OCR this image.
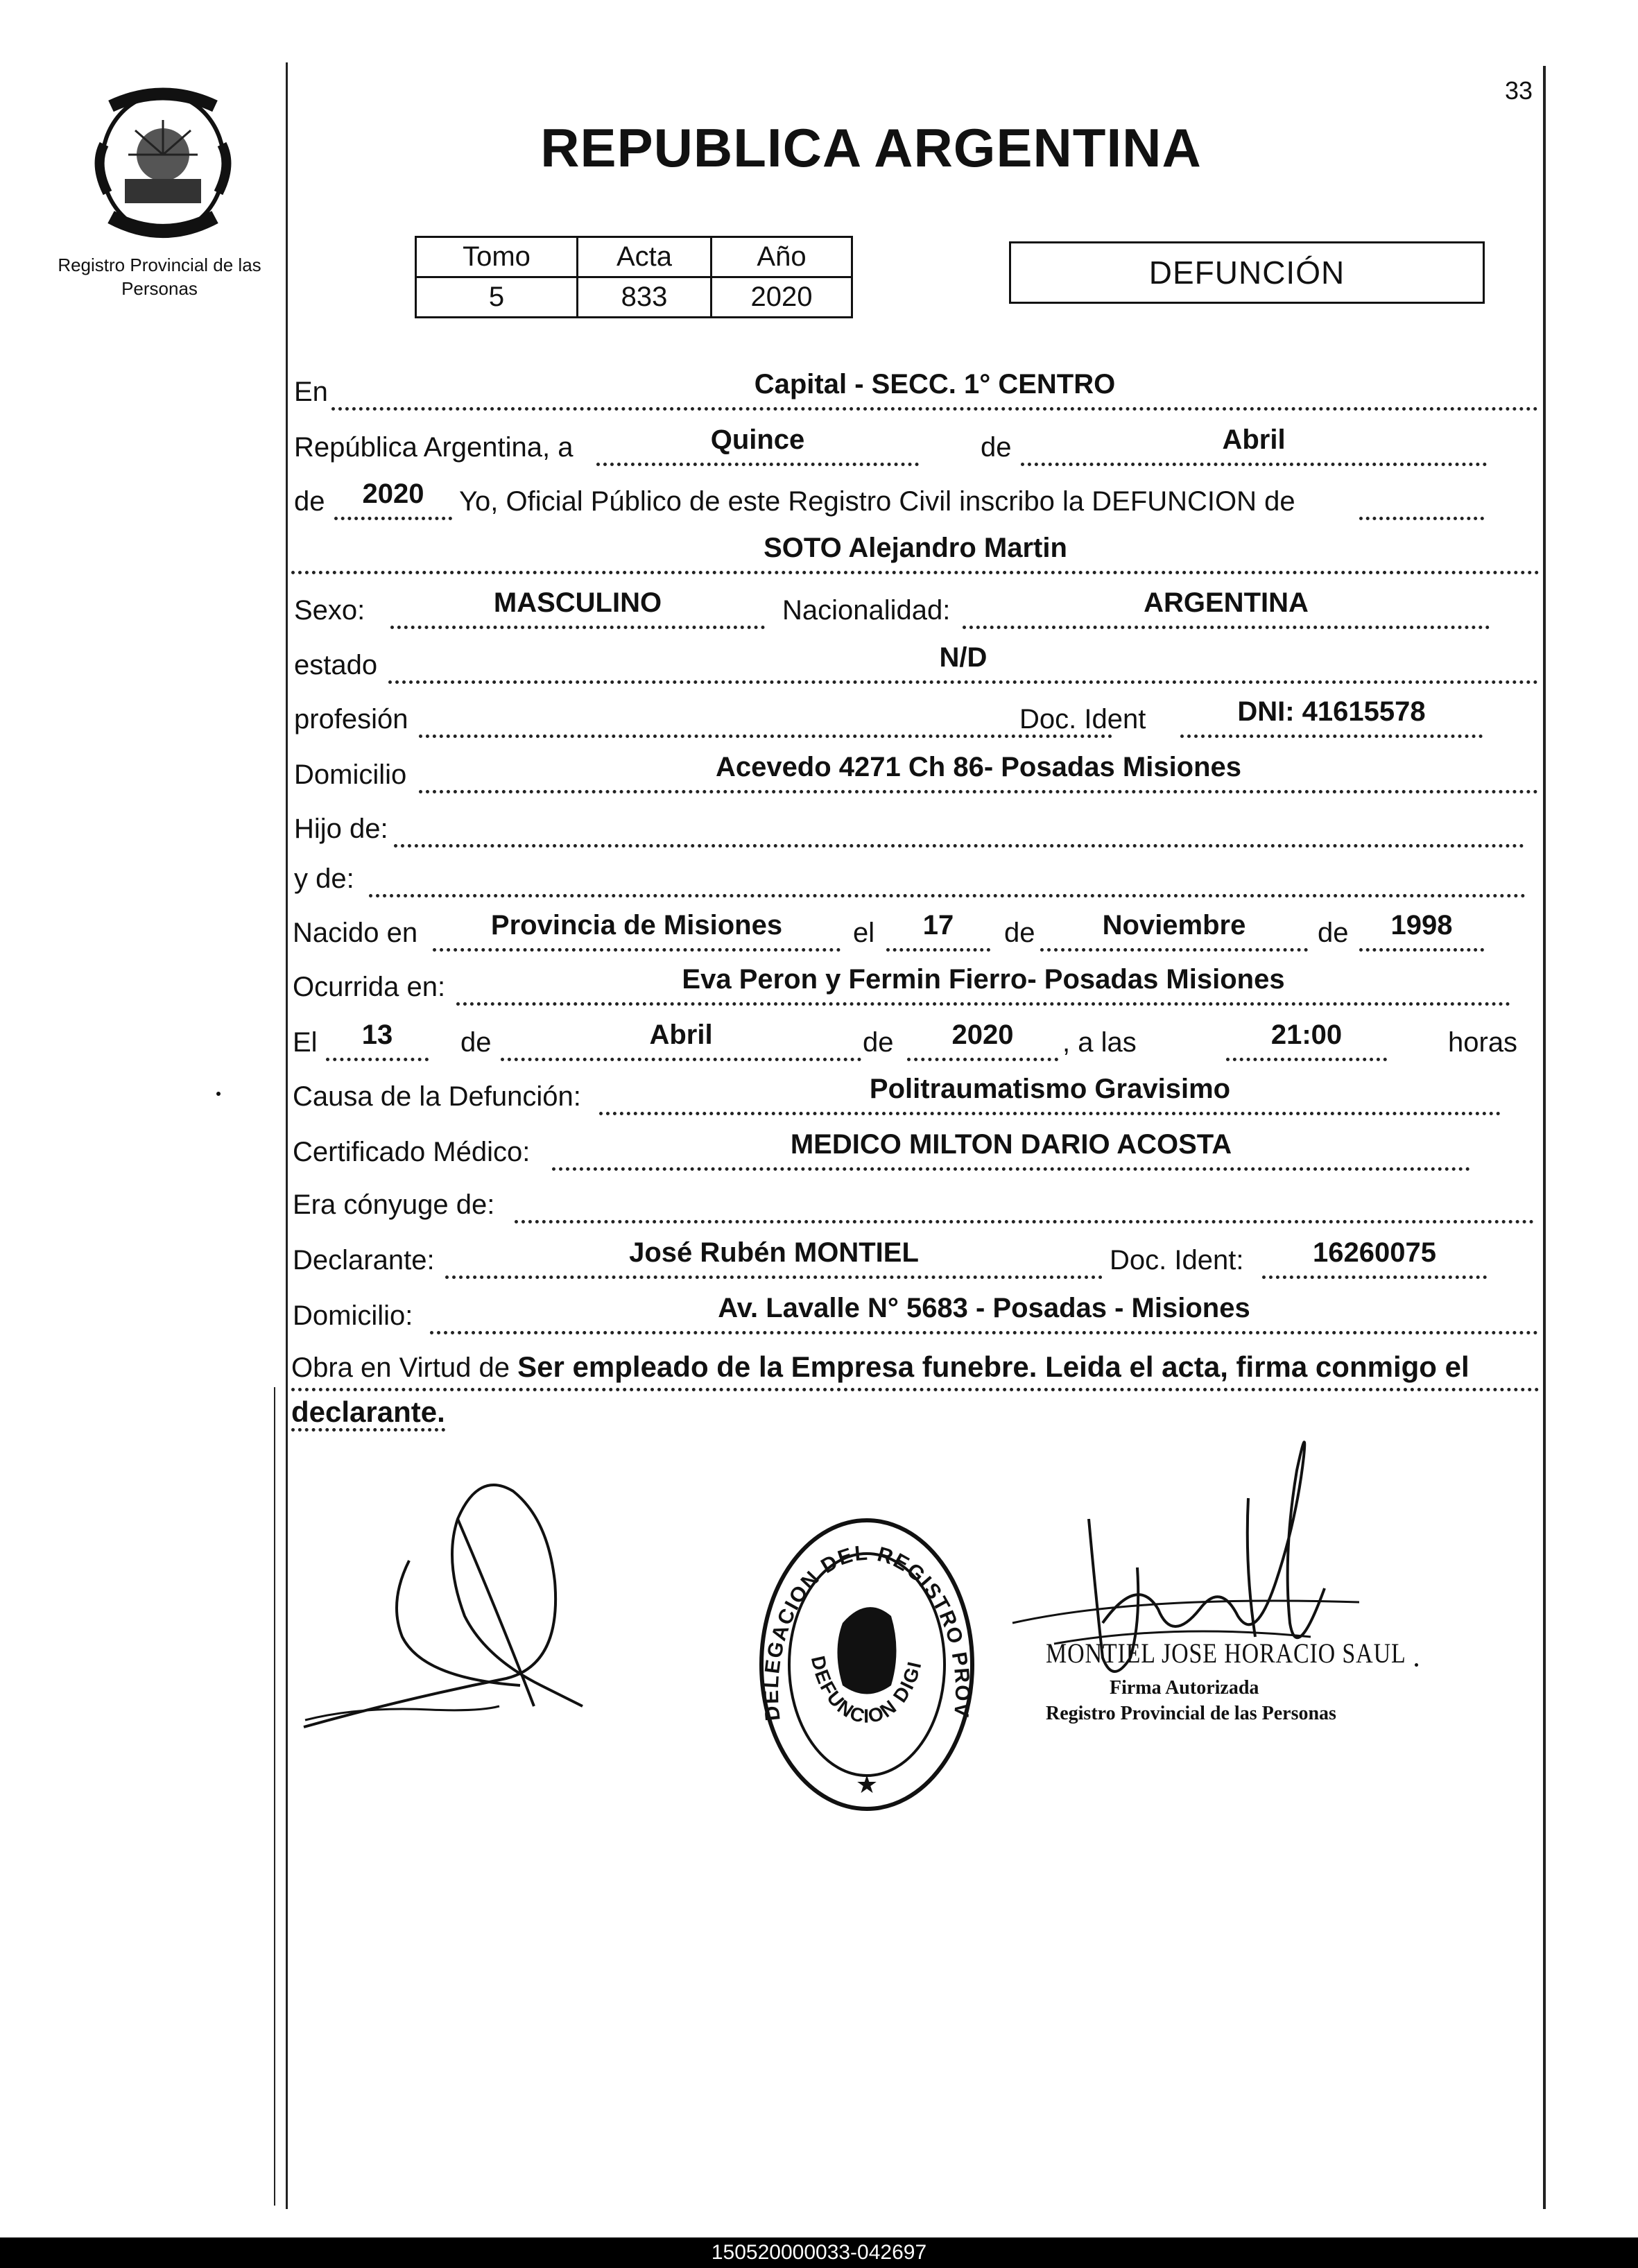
Registro Provincial de las Personas
33
REPUBLICA ARGENTINA
Tomo	Acta	Año
5	833	2020
DEFUNCIÓN
En	Capital - SECC. 1° CENTRO
República Argentina, a	Quince	de	Abril
de	2020	Yo, Oficial Público de este Registro Civil inscribo la DEFUNCION de
SOTO Alejandro Martin
Sexo:	MASCULINO	Nacionalidad:	ARGENTINA
estado	N/D
profesión	Doc. Ident	DNI: 41615578
Domicilio	Acevedo 4271 Ch 86- Posadas Misiones
Hijo de:
y de:
Nacido en	Provincia de Misiones	el	17	de	Noviembre	de	1998
Ocurrida en:	Eva Peron y Fermin Fierro- Posadas Misiones
El	13	de	Abril	de	2020	, a las	21:00	horas
Causa de la Defunción:	Politraumatismo Gravisimo
Certificado Médico:	MEDICO MILTON DARIO ACOSTA
Era cónyuge de:
Declarante:	José Rubén MONTIEL	Doc. Ident:	16260075
Domicilio:	Av. Lavalle N° 5683 - Posadas - Misiones
Obra en Virtud de Ser empleado de la Empresa funebre. Leida el acta, firma conmigo el
declarante.
DELEGACION DEL REGISTRO PROV
DEFUNCION DIGI
★
MONTIEL JOSE HORACIO SAUL
Firma Autorizada
Registro Provincial de las Personas
150520000033-042697
